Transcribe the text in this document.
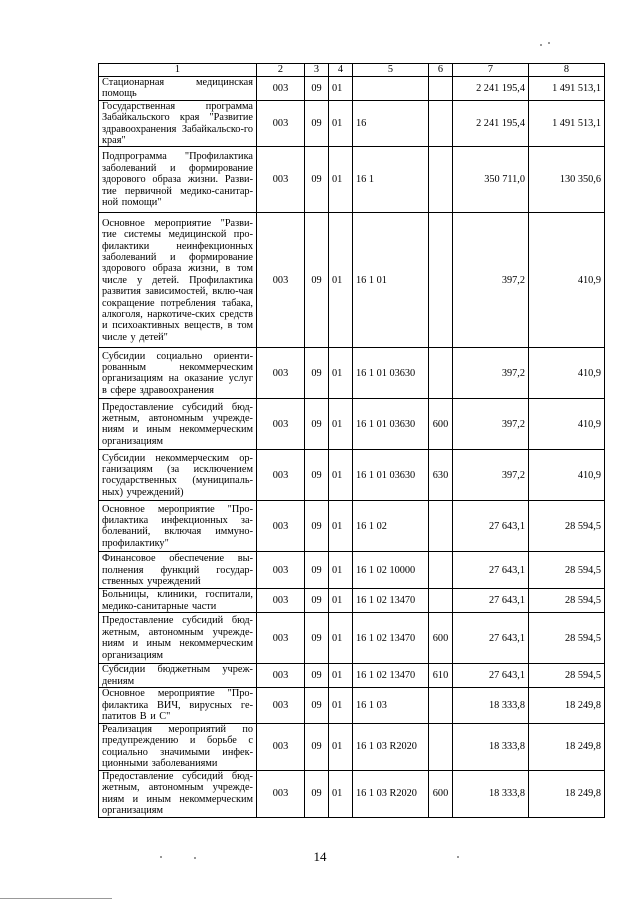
1	2	3	4	5	6	7	8
Стационарная медицинская помощь	003	09	01			2 241 195,4	1 491 513,1
Государственная программа Забайкальского края "Развитие здравоохранения Забайкальско-го края"	003	09	01	16		2 241 195,4	1 491 513,1
Подпрограмма "Профилактика заболеваний и формирование здорового образа жизни. Разви-тие первичной медико-санитар-ной помощи"	003	09	01	16 1		350 711,0	130 350,6
Основное мероприятие "Разви-тие системы медицинской про-филактики неинфекционных заболеваний и формирование здорового образа жизни, в том числе у детей. Профилактика развития зависимостей, вклю-чая сокращение потребления табака, алкоголя, наркотиче-ских средств и психоактивных веществ, в том числе у детей"	003	09	01	16 1 01		397,2	410,9
Субсидии социально ориенти-рованным некоммерческим организациям на оказание услуг в сфере здравоохранения	003	09	01	16 1 01 03630		397,2	410,9
Предоставление субсидий бюд-жетным, автономным учрежде-ниям и иным некоммерческим организациям	003	09	01	16 1 01 03630	600	397,2	410,9
Субсидии некоммерческим ор-ганизациям (за исключением государственных (муниципаль-ных) учреждений)	003	09	01	16 1 01 03630	630	397,2	410,9
Основное мероприятие "Про-филактика инфекционных за-болеваний, включая иммуно-профилактику"	003	09	01	16 1 02		27 643,1	28 594,5
Финансовое обеспечение вы-полнения функций государ-ственных учреждений	003	09	01	16 1 02 10000		27 643,1	28 594,5
Больницы, клиники, госпитали, медико-санитарные части	003	09	01	16 1 02 13470		27 643,1	28 594,5
Предоставление субсидий бюд-жетным, автономным учрежде-ниям и иным некоммерческим организациям	003	09	01	16 1 02 13470	600	27 643,1	28 594,5
Субсидии бюджетным учреж-дениям	003	09	01	16 1 02 13470	610	27 643,1	28 594,5
Основное мероприятие "Про-филактика ВИЧ, вирусных ге-патитов В и С"	003	09	01	16 1 03		18 333,8	18 249,8
Реализация мероприятий по предупреждению и борьбе с социально значимыми инфек-ционными заболеваниями	003	09	01	16 1 03 R2020		18 333,8	18 249,8
Предоставление субсидий бюд-жетным, автономным учрежде-ниям и иным некоммерческим организациям	003	09	01	16 1 03 R2020	600	18 333,8	18 249,8
14
